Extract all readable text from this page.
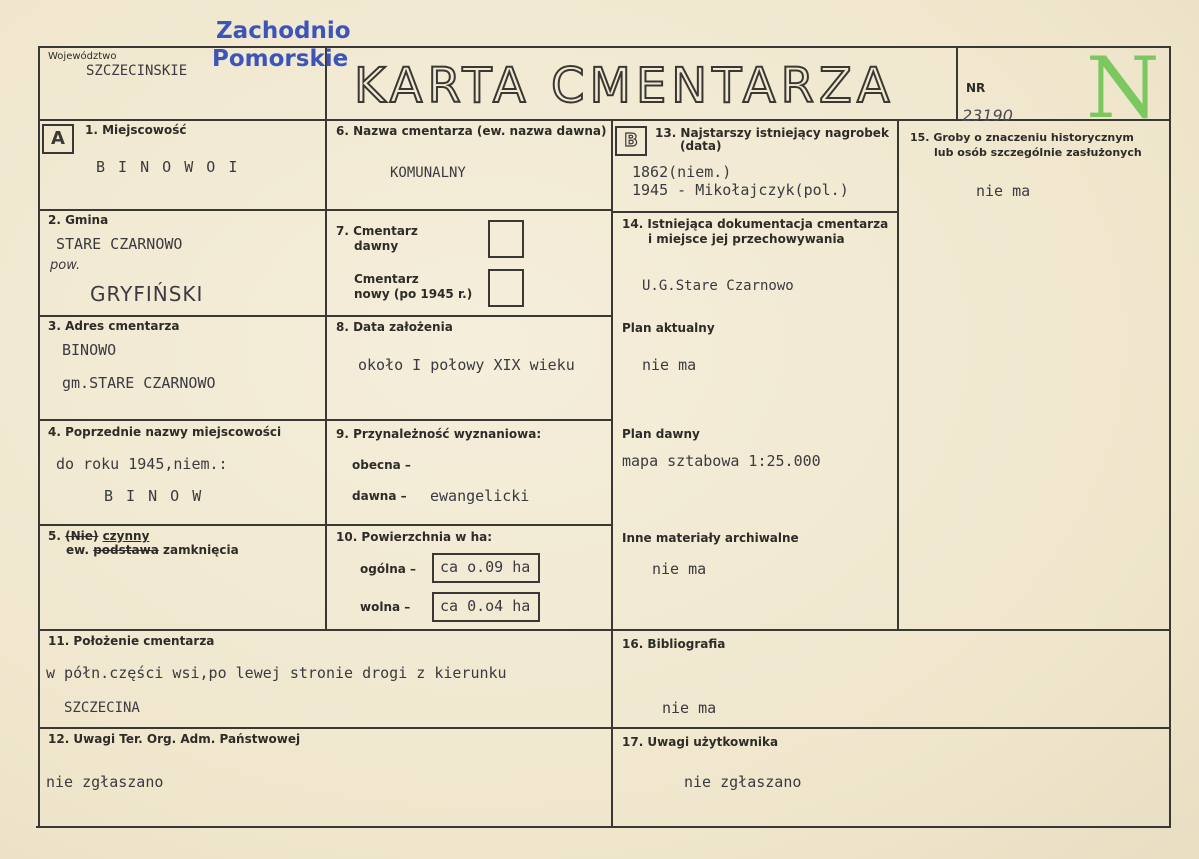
Województwo
SZCZECINSKIE
Zachodnio
Pomorskie KARTA CMENTARZA	NR
23190 N
A	B
1. Miejscowość
B I N O W O I
2. Gmina
STARE CZARNOWO
pow.
GRYFIŃSKI
3. Adres cmentarza
BINOWO
gm.STARE CZARNOWO
4. Poprzednie nazwy miejscowości
do roku 1945,niem.:
B I N O W
5. (Nie) czynny
ew. podstawa zamknięcia
6. Nazwa cmentarza (ew. nazwa dawna)
KOMUNALNY
7. Cmentarz
dawny
Cmentarz
nowy (po 1945 r.)
8. Data założenia
około I połowy XIX wieku
9. Przynależność wyznaniowa:
obecna –
dawna – ewangelicki
10. Powierzchnia w ha:
ogólna –	ca o.09 ha
wolna –	ca 0.o4 ha
13. Najstarszy istniejący nagrobek
(data)
1862(niem.)
1945 - Mikołajczyk(pol.)
14. Istniejąca dokumentacja cmentarza
i miejsce jej przechowywania
U.G.Stare Czarnowo
Plan aktualny
nie ma
Plan dawny
mapa sztabowa 1:25.000
Inne materiały archiwalne
nie ma
15. Groby o znaczeniu historycznym
lub osób szczególnie zasłużonych
nie ma
11. Położenie cmentarza
w półn.części wsi,po lewej stronie drogi z kierunku
SZCZECINA
16. Bibliografia
nie ma
12. Uwagi Ter. Org. Adm. Państwowej
nie zgłaszano
17. Uwagi użytkownika
nie zgłaszano
